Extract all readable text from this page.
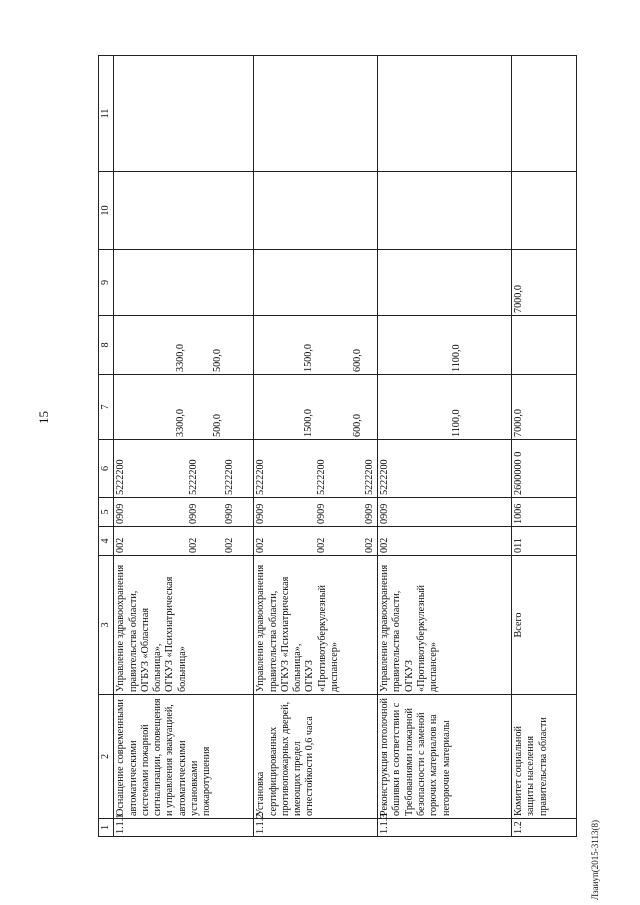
15
Лзаиуп(2015-3113(8)
1	2	3	4	5	6	7	8	9	10	11
1.1.1	Оснащение современными автоматическими системами пожарной сигнализации, оповещения и управления эвакуацией, автоматическими установками пожаротушения	Управление здравоохранения правительства области, ОГБУЗ «Областная больница», ОГКУЗ «Психиатрическая больница»	002 002 002	0909 0909 0909	5222200 5222200 5222200	3300,0 500,0	3300,0 500,0			

1.1.2	Установка сертифицированных противопожарных дверей, имеющих предел огнестойкости 0,6 часа	Управление здравоохранения правительства области, ОГКУЗ «Психиатрическая больница», ОГКУЗ «Противотуберкулезный диспансер»	002 002 002	0909 0909 0909	5222200 5222200 5222200	1500,0 600,0	1500,0 600,0			

1.1.3	Реконструкция потолочной обшивки в соответствии с Требованиями пожарной безопасности с заменой горючих материалов на негорючие материалы	Управление здравоохранения правительства области, ОГКУЗ «Противотуберкулезный диспансер»	002	0909	5222200	1100,0	1100,0			

1.2	Комитет социальной защиты населения правительства области	Всего	011	1006	2600000 0	7000,0		7000,0		
